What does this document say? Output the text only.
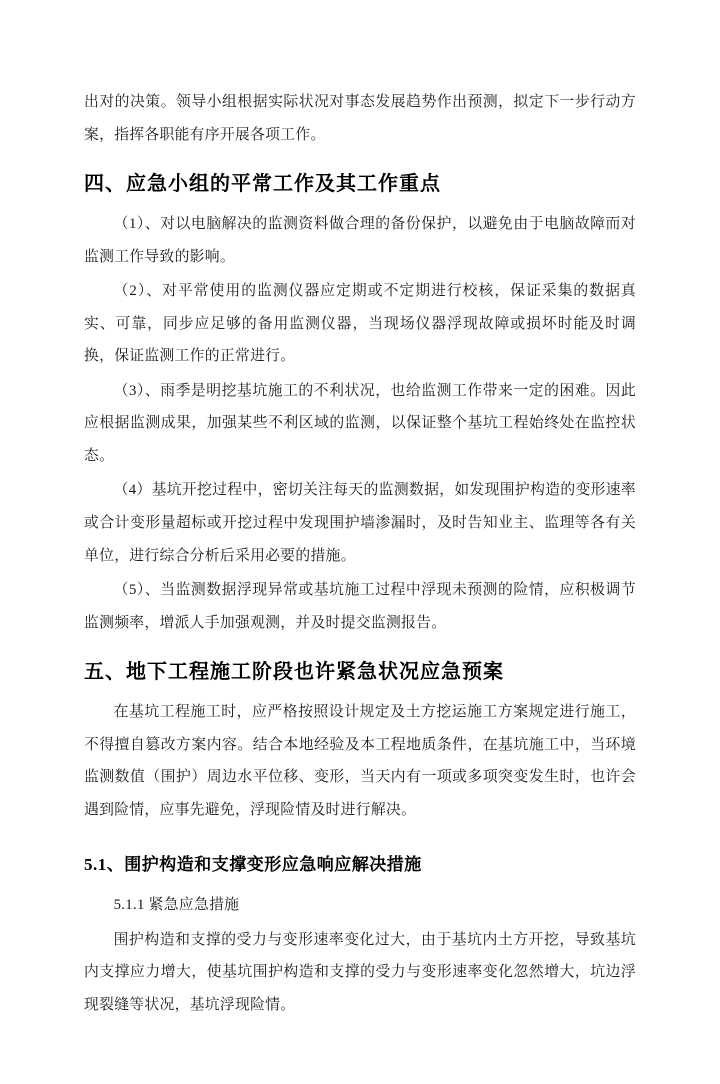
出对的决策。领导小组根据实际状况对事态发展趋势作出预测，拟定下一步行动方案，指挥各职能有序开展各项工作。

四、应急小组的平常工作及其工作重点

（1）、对以电脑解决的监测资料做合理的备份保护，以避免由于电脑故障而对监测工作导致的影响。

（2）、对平常使用的监测仪器应定期或不定期进行校核，保证采集的数据真实、可靠，同步应足够的备用监测仪器，当现场仪器浮现故障或损坏时能及时调换，保证监测工作的正常进行。

（3）、雨季是明挖基坑施工的不利状况，也给监测工作带来一定的困难。因此应根据监测成果，加强某些不利区域的监测，以保证整个基坑工程始终处在监控状态。

（4）基坑开挖过程中，密切关注每天的监测数据，如发现围护构造的变形速率或合计变形量超标或开挖过程中发现围护墙渗漏时，及时告知业主、监理等各有关单位，进行综合分析后采用必要的措施。

（5）、当监测数据浮现异常或基坑施工过程中浮现未预测的险情，应积极调节监测频率，增派人手加强观测，并及时提交监测报告。

五、地下工程施工阶段也许紧急状况应急预案

在基坑工程施工时，应严格按照设计规定及土方挖运施工方案规定进行施工，不得擅自篡改方案内容。结合本地经验及本工程地质条件，在基坑施工中，当环境监测数值（围护）周边水平位移、变形，当天内有一项或多项突变发生时，也许会遇到险情，应事先避免，浮现险情及时进行解决。

5.1、围护构造和支撑变形应急响应解决措施

5.1.1 紧急应急措施

围护构造和支撑的受力与变形速率变化过大，由于基坑内土方开挖，导致基坑内支撑应力增大，使基坑围护构造和支撑的受力与变形速率变化忽然增大，坑边浮现裂缝等状况，基坑浮现险情。
